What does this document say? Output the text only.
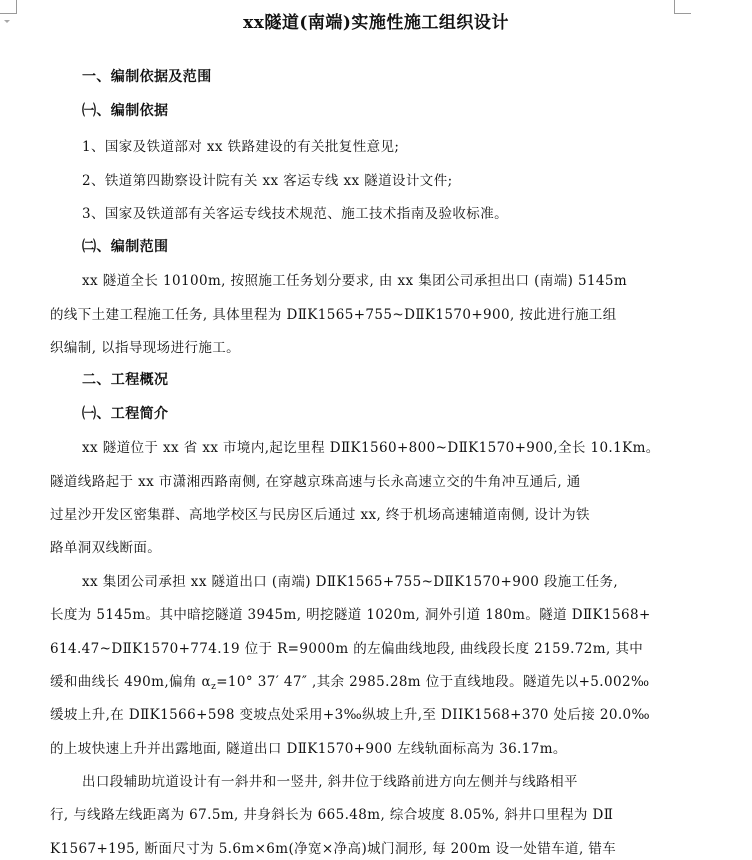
xx隧道(南端)实施性施工组织设计
一、编制依据及范围
㈠、编制依据
1、国家及铁道部对 xx 铁路建设的有关批复性意见;
2、铁道第四勘察设计院有关 xx 客运专线 xx 隧道设计文件;
3、国家及铁道部有关客运专线技术规范、施工技术指南及验收标准。
㈡、编制范围
xx 隧道全长 10100m, 按照施工任务划分要求, 由 xx 集团公司承担出口 (南端) 5145m
的线下土建工程施工任务, 具体里程为 DⅡK1565+755~DⅡK1570+900, 按此进行施工组
织编制, 以指导现场进行施工。
二、工程概况
㈠、工程简介
xx 隧道位于 xx 省 xx 市境内,起讫里程 DⅡK1560+800~DⅡK1570+900,全长 10.1Km。
隧道线路起于 xx 市潇湘西路南侧, 在穿越京珠高速与长永高速立交的牛角冲互通后, 通
过星沙开发区密集群、高地学校区与民房区后通过 xx, 终于机场高速辅道南侧, 设计为铁
路单洞双线断面。
xx 集团公司承担 xx 隧道出口 (南端) DⅡK1565+755~DⅡK1570+900 段施工任务,
长度为 5145m。其中暗挖隧道 3945m, 明挖隧道 1020m, 洞外引道 180m。隧道 DⅡK1568+
614.47~DⅡK1570+774.19 位于 R=9000m 的左偏曲线地段, 曲线段长度 2159.72m, 其中
缓和曲线长 490m,偏角 $\alpha_z=10^\circ$ 37′ 47″ ,其余 2985.28m 位于直线地段。隧道先以+5.002‰
缓坡上升,在 DⅡK1566+598 变坡点处采用+3‰纵坡上升,至 DIIK1568+370 处后接 20.0‰
的上坡快速上升并出露地面, 隧道出口 DⅡK1570+900 左线轨面标高为 36.17m。
出口段辅助坑道设计有一斜井和一竖井, 斜井位于线路前进方向左侧并与线路相平
行, 与线路左线距离为 67.5m, 井身斜长为 665.48m, 综合坡度 8.05%, 斜井口里程为 DⅡ
K1567+195, 断面尺寸为 5.6m×6m(净宽×净高)城门洞形, 每 200m 设一处错车道, 错车
